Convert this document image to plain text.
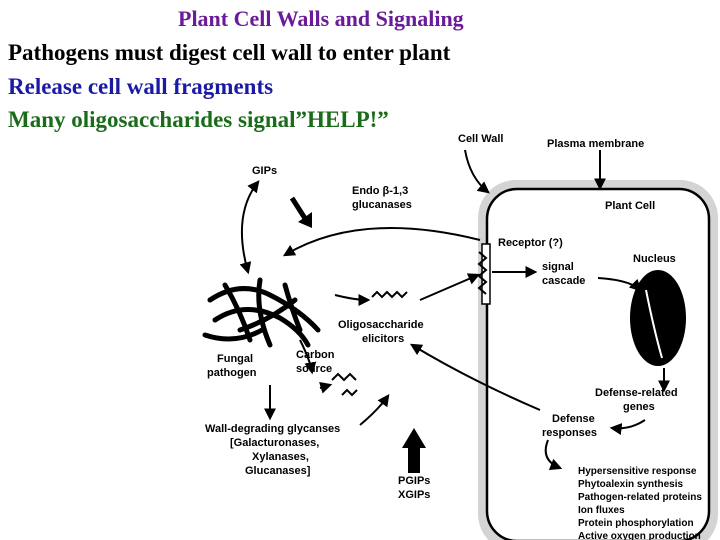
Plant Cell Walls and Signaling
Pathogens must digest cell wall to enter plant
Release cell wall fragments
Many oligosaccharides signal”HELP!”
Cell Wall	Plasma membrane
Plant Cell
GIPs
Endo β-1,3
glucanases
Receptor (?)
Nucleus
signal
cascade
Oligosaccharide
elicitors
Fungal
pathogen
Carbon
source
Defense-related
genes
Defense
responses
Wall-degrading glycanses
[Galacturonases,
Xylanases,
Glucanases]
PGIPs
XGIPs
Hypersensitive response
Phytoalexin synthesis
Pathogen-related proteins
Ion fluxes
Protein phosphorylation
Active oxygen production
